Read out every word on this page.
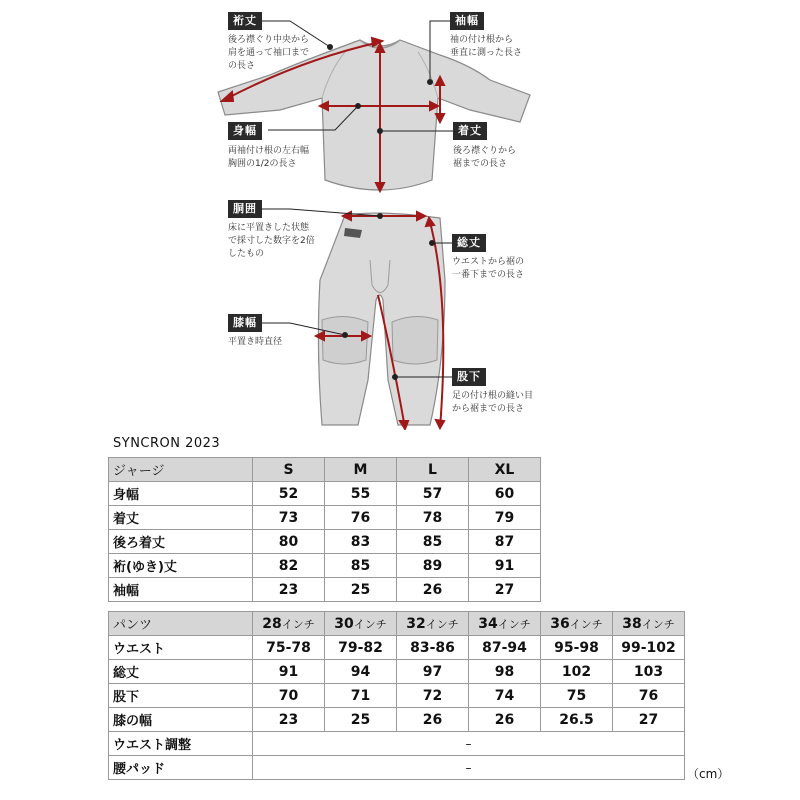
裄丈
後ろ襟ぐり中央から
肩を通って袖口まで
の長さ
袖幅
袖の付け根から
垂直に測った長さ
身幅
両袖付け根の左右幅
胸囲の1/2の長さ
着丈
後ろ襟ぐりから
裾までの長さ
胴囲
床に平置きした状態
で採寸した数字を2倍
したもの
総丈
ウエストから裾の
一番下までの長さ
膝幅
平置き時直径
股下
足の付け根の縫い目
から裾までの長さ
SYNCRON 2023
ジャージ	S	M	L	XL
身幅	52	55	57	60
着丈	73	76	78	79
後ろ着丈	80	83	85	87
裄(ゆき)丈	82	85	89	91
袖幅	23	25	26	27
パンツ	28インチ	30インチ	32インチ	34インチ	36インチ	38インチ
ウエスト	75-78	79-82	83-86	87-94	95-98	99-102
総丈	91	94	97	98	102	103
股下	70	71	72	74	75	76
膝の幅	23	25	26	26	26.5	27
ウエスト調整	–					
腰パッド	–						（cm）
